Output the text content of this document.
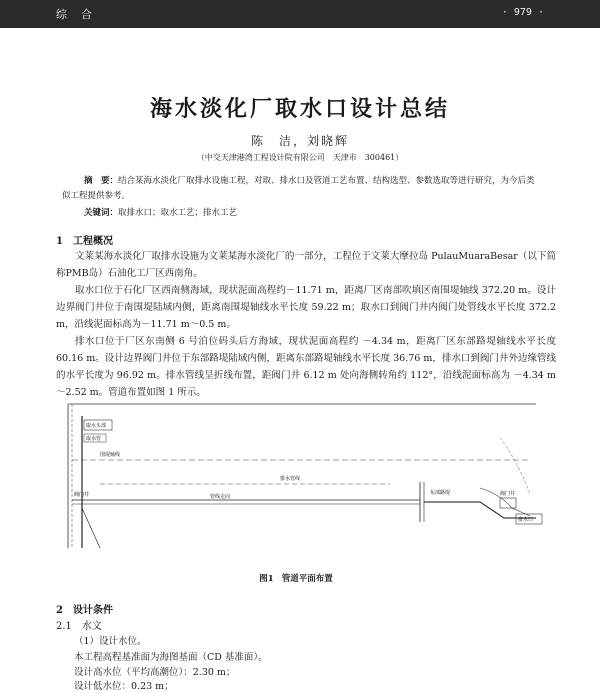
综合	· 979 ·
海水淡化厂取水口设计总结
陈　洁，刘晓辉
（中交天津港湾工程设计院有限公司　天津市　300461）
摘　要：结合某海水淡化厂取排水设施工程，对取、排水口及管道工艺布置、结构选型、参数选取等进行研究，为今后类似工程提供参考。
关键词：取排水口；取水工艺；排水工艺
1　工程概况
文莱某海水淡化厂取排水设施为文莱某海水淡化厂的一部分，工程位于文莱大摩拉岛 PulauMuaraBesar（以下简称PMB岛）石油化工厂区西南角。
取水口位于石化厂区西南侧海域，现状泥面高程约－11.71 m，距离厂区南部吹填区南围堤轴线 372.20 m。设计边界阀门井位于南围堤陆域内侧，距离南围堤轴线水平长度 59.22 m；取水口到阀门井内阀门处管线水平长度 372.2 m，沿线泥面标高为－11.71 m～0.5 m。
排水口位于厂区东南侧 6 号泊位码头后方海域，现状泥面高程约 －4.34 m，距离厂区东部路堤轴线水平长度 60.16 m。设计边界阀门井位于东部路堤陆域内侧，距离东部路堤轴线水平长度 36.76 m，排水口到阀门井外边缘管线的水平长度为 96.92 m。排水管线呈折线布置，距阀门井 6.12 m 处向海侧转角约 112°，沿线泥面标高为 －4.34 m～2.52 m。管道布置如图 1 所示。
取水头部
取水管
阀门井
排水管线
管线走向
东部路堤	阀门井
排水口
围堤轴线
图1 管道平面布置
2　设计条件
2.1　水文
（1）设计水位。
本工程高程基准面为海图基面（CD 基准面）。
设计高水位（平均高潮位）：2.30 m；
设计低水位：0.23 m；
